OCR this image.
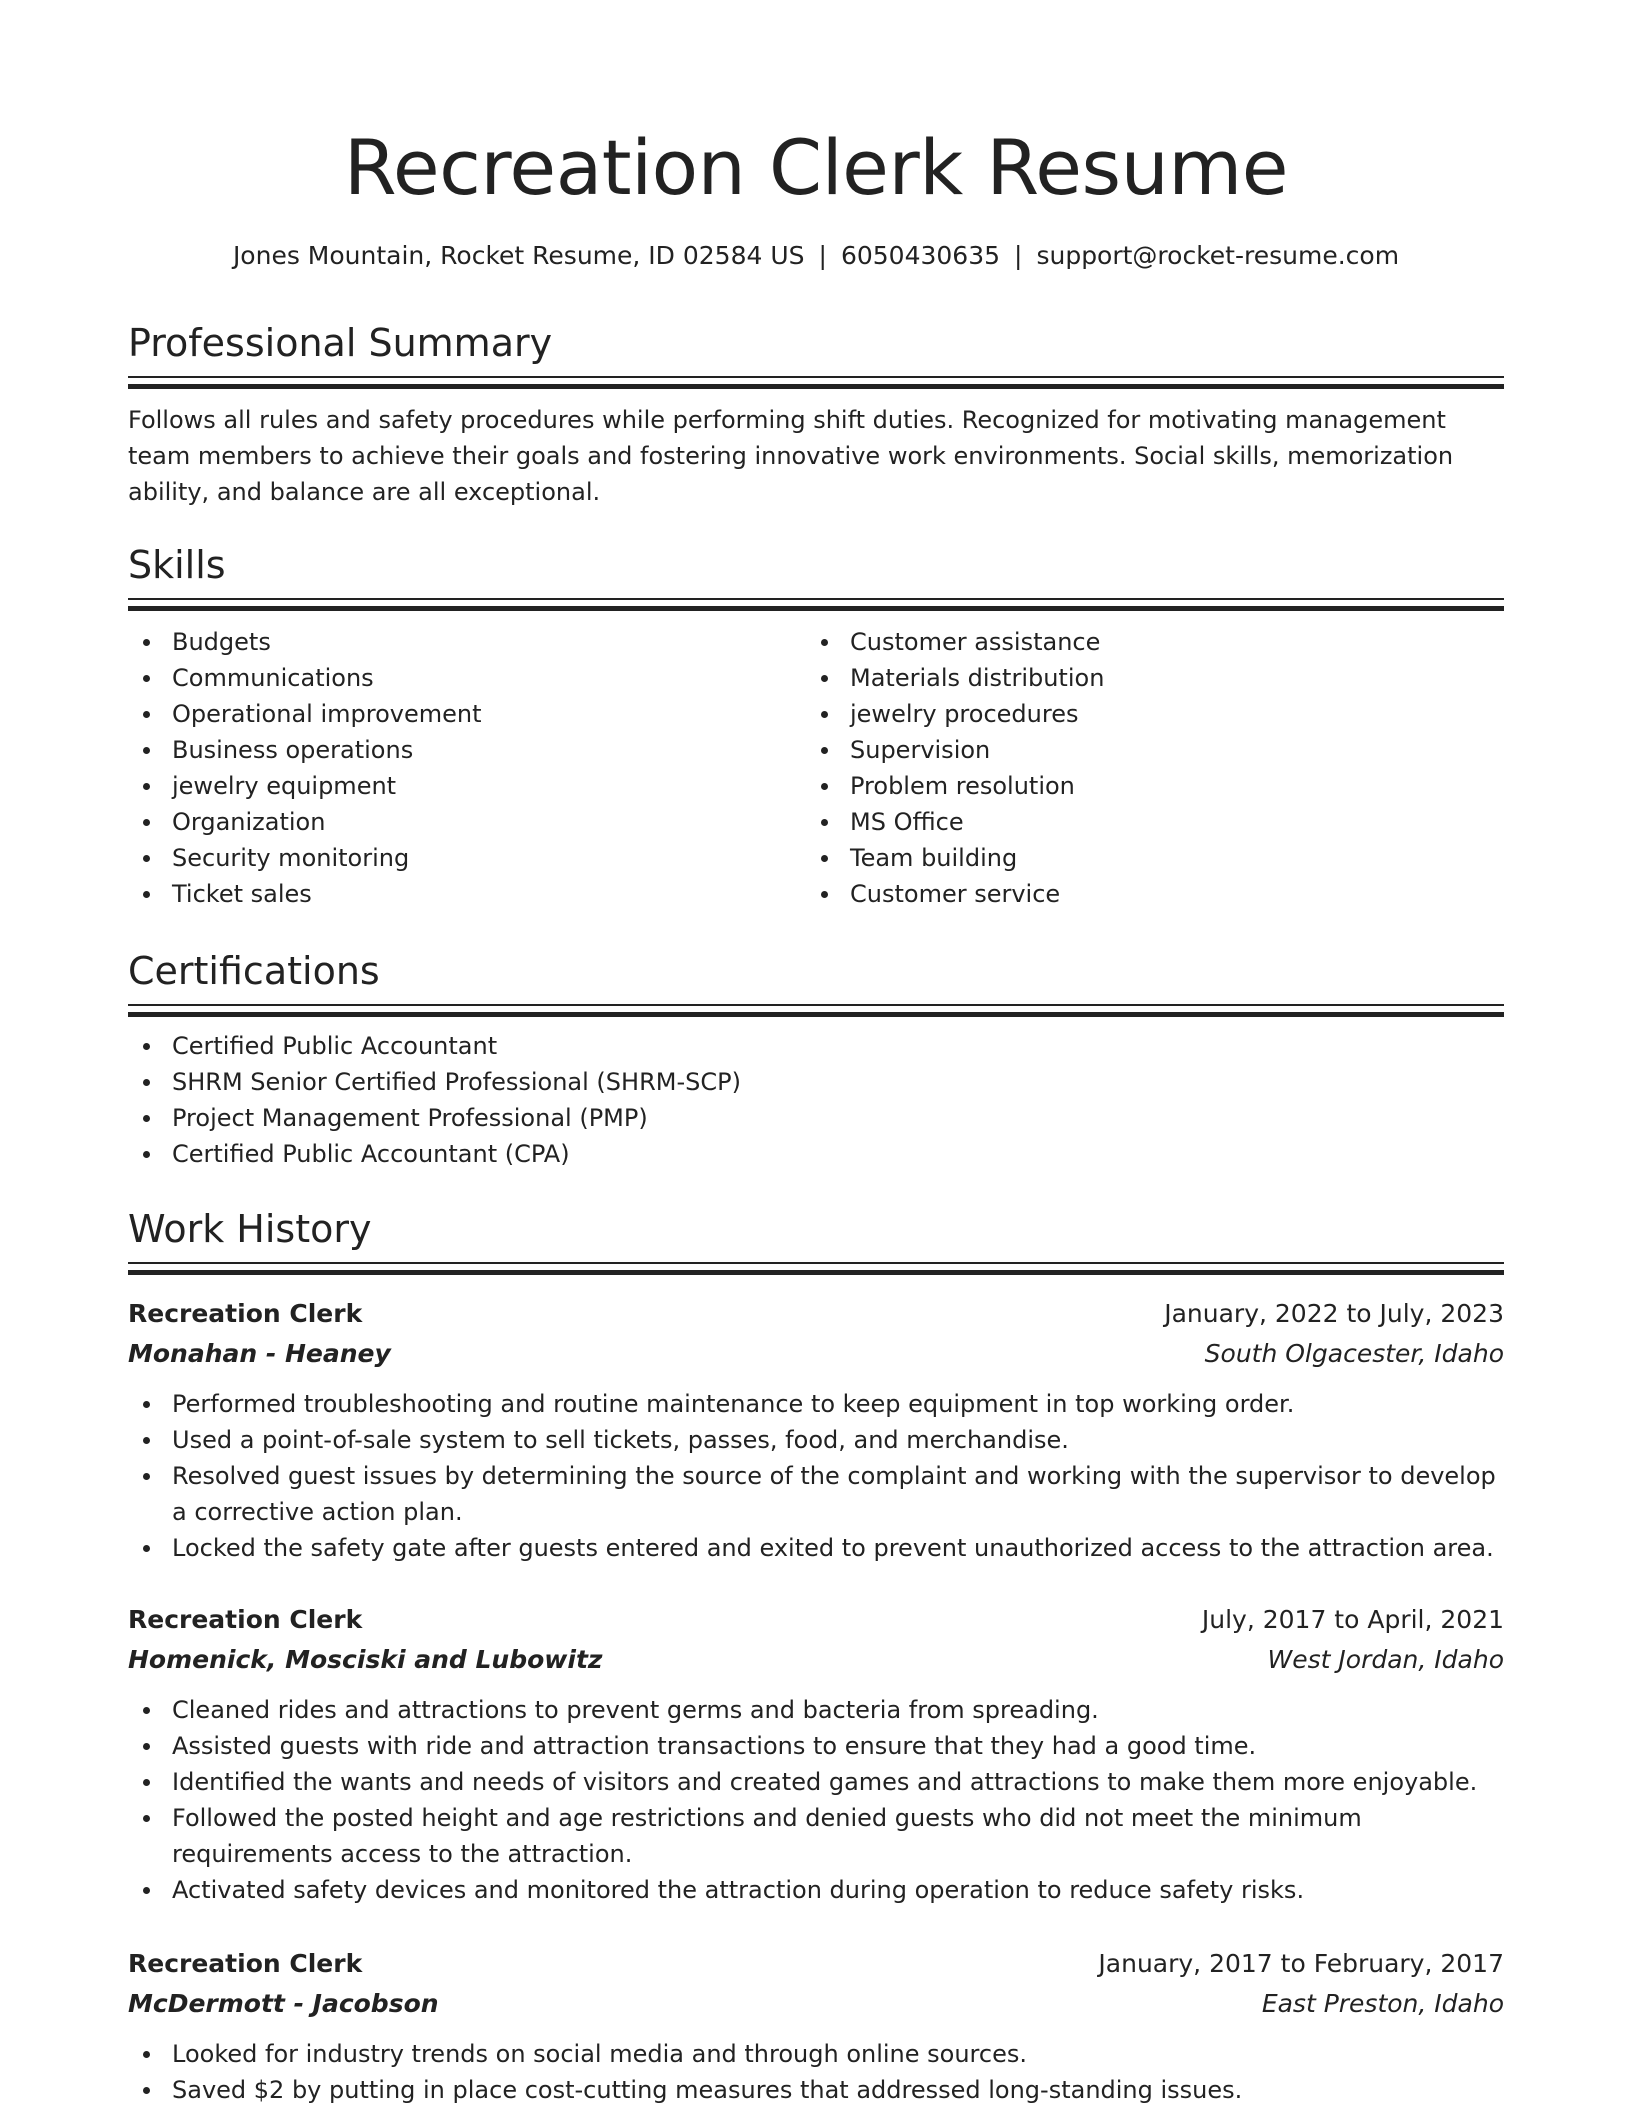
Recreation Clerk Resume
Jones Mountain, Rocket Resume, ID 02584 US | 6050430635 | support@rocket-resume.com
Professional Summary

Follows all rules and safety procedures while performing shift duties. Recognized for motivating management team members to achieve their goals and fostering innovative work environments. Social skills, memorization ability, and balance are all exceptional.

Skills
Budgets
Communications
Operational improvement
Business operations
jewelry equipment
Organization
Security monitoring
Ticket sales
Customer assistance
Materials distribution
jewelry procedures
Supervision
Problem resolution
MS Office
Team building
Customer service
Certifications
Certified Public Accountant
SHRM Senior Certified Professional (SHRM-SCP)
Project Management Professional (PMP)
Certified Public Accountant (CPA)
Work History
Recreation Clerk	January, 2022 to July, 2023
Monahan - Heaney	South Olgacester, Idaho
Performed troubleshooting and routine maintenance to keep equipment in top working order.
Used a point-of-sale system to sell tickets, passes, food, and merchandise.
Resolved guest issues by determining the source of the complaint and working with the supervisor to develop a corrective action plan.
Locked the safety gate after guests entered and exited to prevent unauthorized access to the attraction area.
Recreation Clerk	July, 2017 to April, 2021
Homenick, Mosciski and Lubowitz	West Jordan, Idaho
Cleaned rides and attractions to prevent germs and bacteria from spreading.
Assisted guests with ride and attraction transactions to ensure that they had a good time.
Identified the wants and needs of visitors and created games and attractions to make them more enjoyable.
Followed the posted height and age restrictions and denied guests who did not meet the minimum requirements access to the attraction.
Activated safety devices and monitored the attraction during operation to reduce safety risks.
Recreation Clerk	January, 2017 to February, 2017
McDermott - Jacobson	East Preston, Idaho
Looked for industry trends on social media and through online sources.
Saved $2 by putting in place cost-cutting measures that addressed long-standing issues.
